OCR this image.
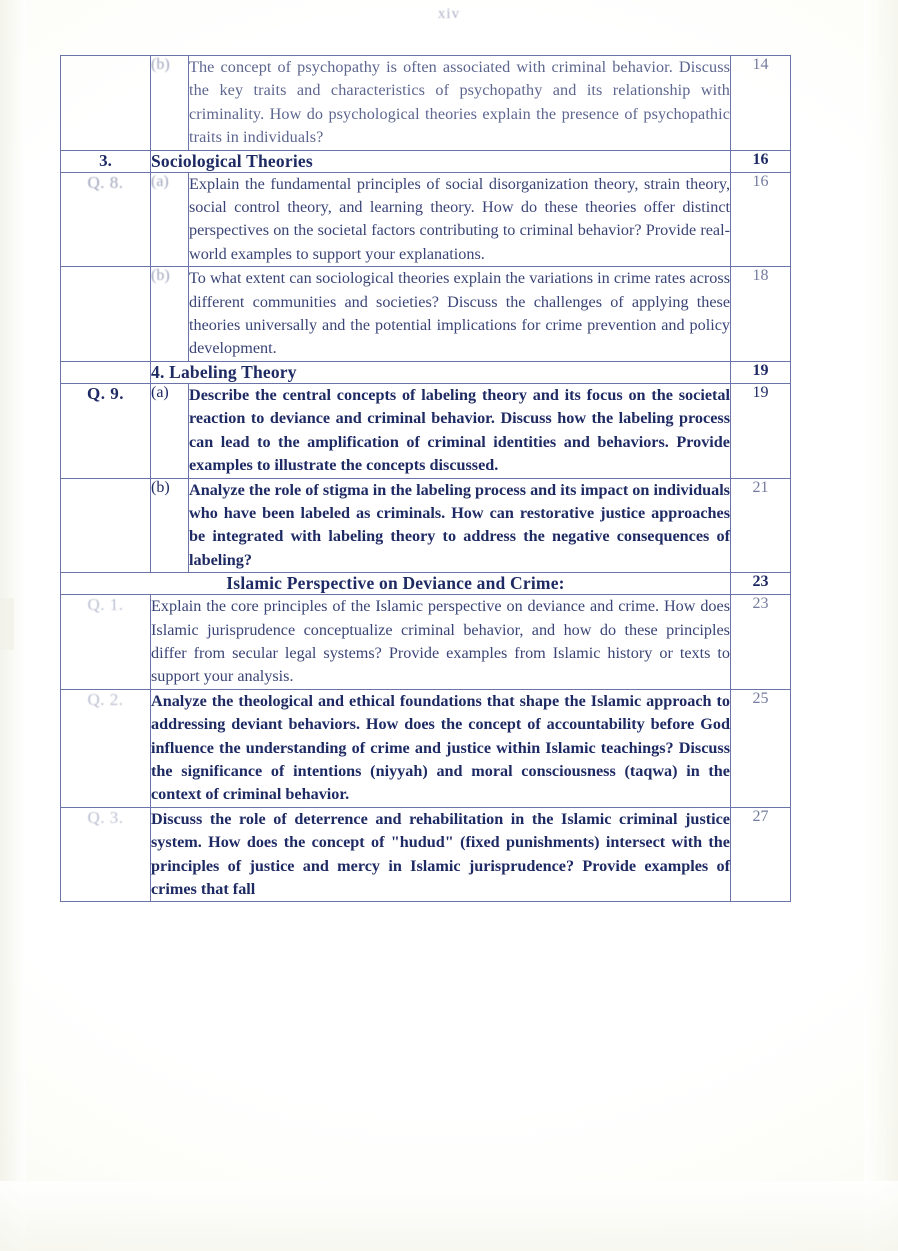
xiv
	(b)	The concept of psychopathy is often associated with criminal behavior. Discuss the key traits and characteristics of psychopathy and its relationship with criminality. How do psychological theories explain the presence of psychopathic traits in individuals?	14
3.	Sociological Theories		16
Q. 8.	(a)	Explain the fundamental principles of social disorganization theory, strain theory, social control theory, and learning theory. How do these theories offer distinct perspectives on the societal factors contributing to criminal behavior? Provide real-world examples to support your explanations.	16
	(b)	To what extent can sociological theories explain the variations in crime rates across different communities and societies? Discuss the challenges of applying these theories universally and the potential implications for crime prevention and policy development.	18
	4. Labeling Theory		19
Q. 9.	(a)	Describe the central concepts of labeling theory and its focus on the societal reaction to deviance and criminal behavior. Discuss how the labeling process can lead to the amplification of criminal identities and behaviors. Provide examples to illustrate the concepts discussed.	19
	(b)	Analyze the role of stigma in the labeling process and its impact on individuals who have been labeled as criminals. How can restorative justice approaches be integrated with labeling theory to address the negative consequences of labeling?	21
Islamic Perspective on Deviance and Crime:			23
Q. 1.	Explain the core principles of the Islamic perspective on deviance and crime. How does Islamic jurisprudence conceptualize criminal behavior, and how do these principles differ from secular legal systems? Provide examples from Islamic history or texts to support your analysis.		23
Q. 2.	Analyze the theological and ethical foundations that shape the Islamic approach to addressing deviant behaviors. How does the concept of accountability before God influence the understanding of crime and justice within Islamic teachings? Discuss the significance of intentions (niyyah) and moral consciousness (taqwa) in the context of criminal behavior.		25
Q. 3.	Discuss the role of deterrence and rehabilitation in the Islamic criminal justice system. How does the concept of "hudud" (fixed punishments) intersect with the principles of justice and mercy in Islamic jurisprudence? Provide examples of crimes that fall		27
